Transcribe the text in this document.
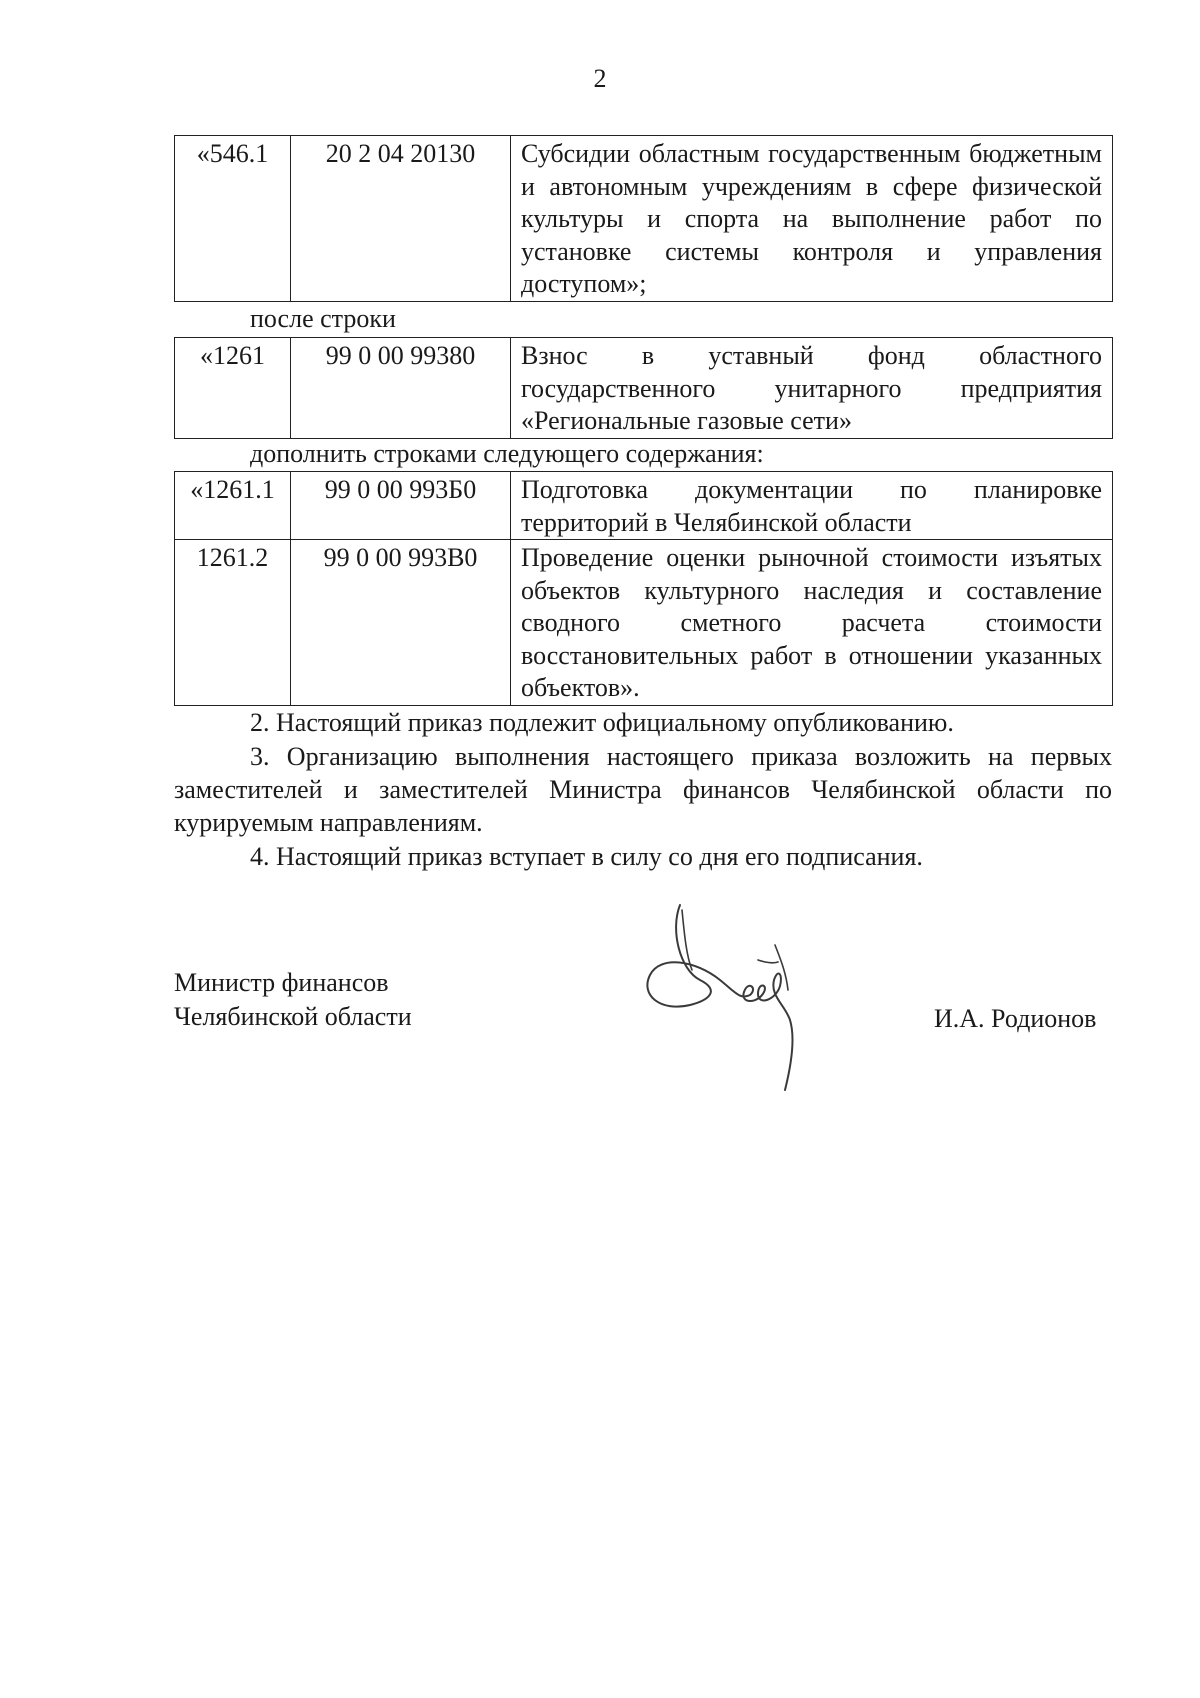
2
«546.1	20 2 04 20130	Субсидии областным государственным бюджетным и автономным учреждениям в сфере физической культуры и спорта на выполнение работ по установке системы контроля и управления доступом»;
после строки
«1261	99 0 00 99380	Взнос в уставный фонд областного государственного унитарного предприятия «Региональные газовые сети»
дополнить строками следующего содержания:
«1261.1	99 0 00 993Б0	Подготовка документации по планировке территорий в Челябинской области
1261.2	99 0 00 993В0	Проведение оценки рыночной стоимости изъятых объектов культурного наследия и составление сводного сметного расчета стоимости восстановительных работ в отношении указанных объектов».
2. Настоящий приказ подлежит официальному опубликованию.
3. Организацию выполнения настоящего приказа возложить на первых заместителей и заместителей Министра финансов Челябинской области по курируемым направлениям.
4. Настоящий приказ вступает в силу со дня его подписания.
Министр финансов
Челябинской области	И.А. Родионов
